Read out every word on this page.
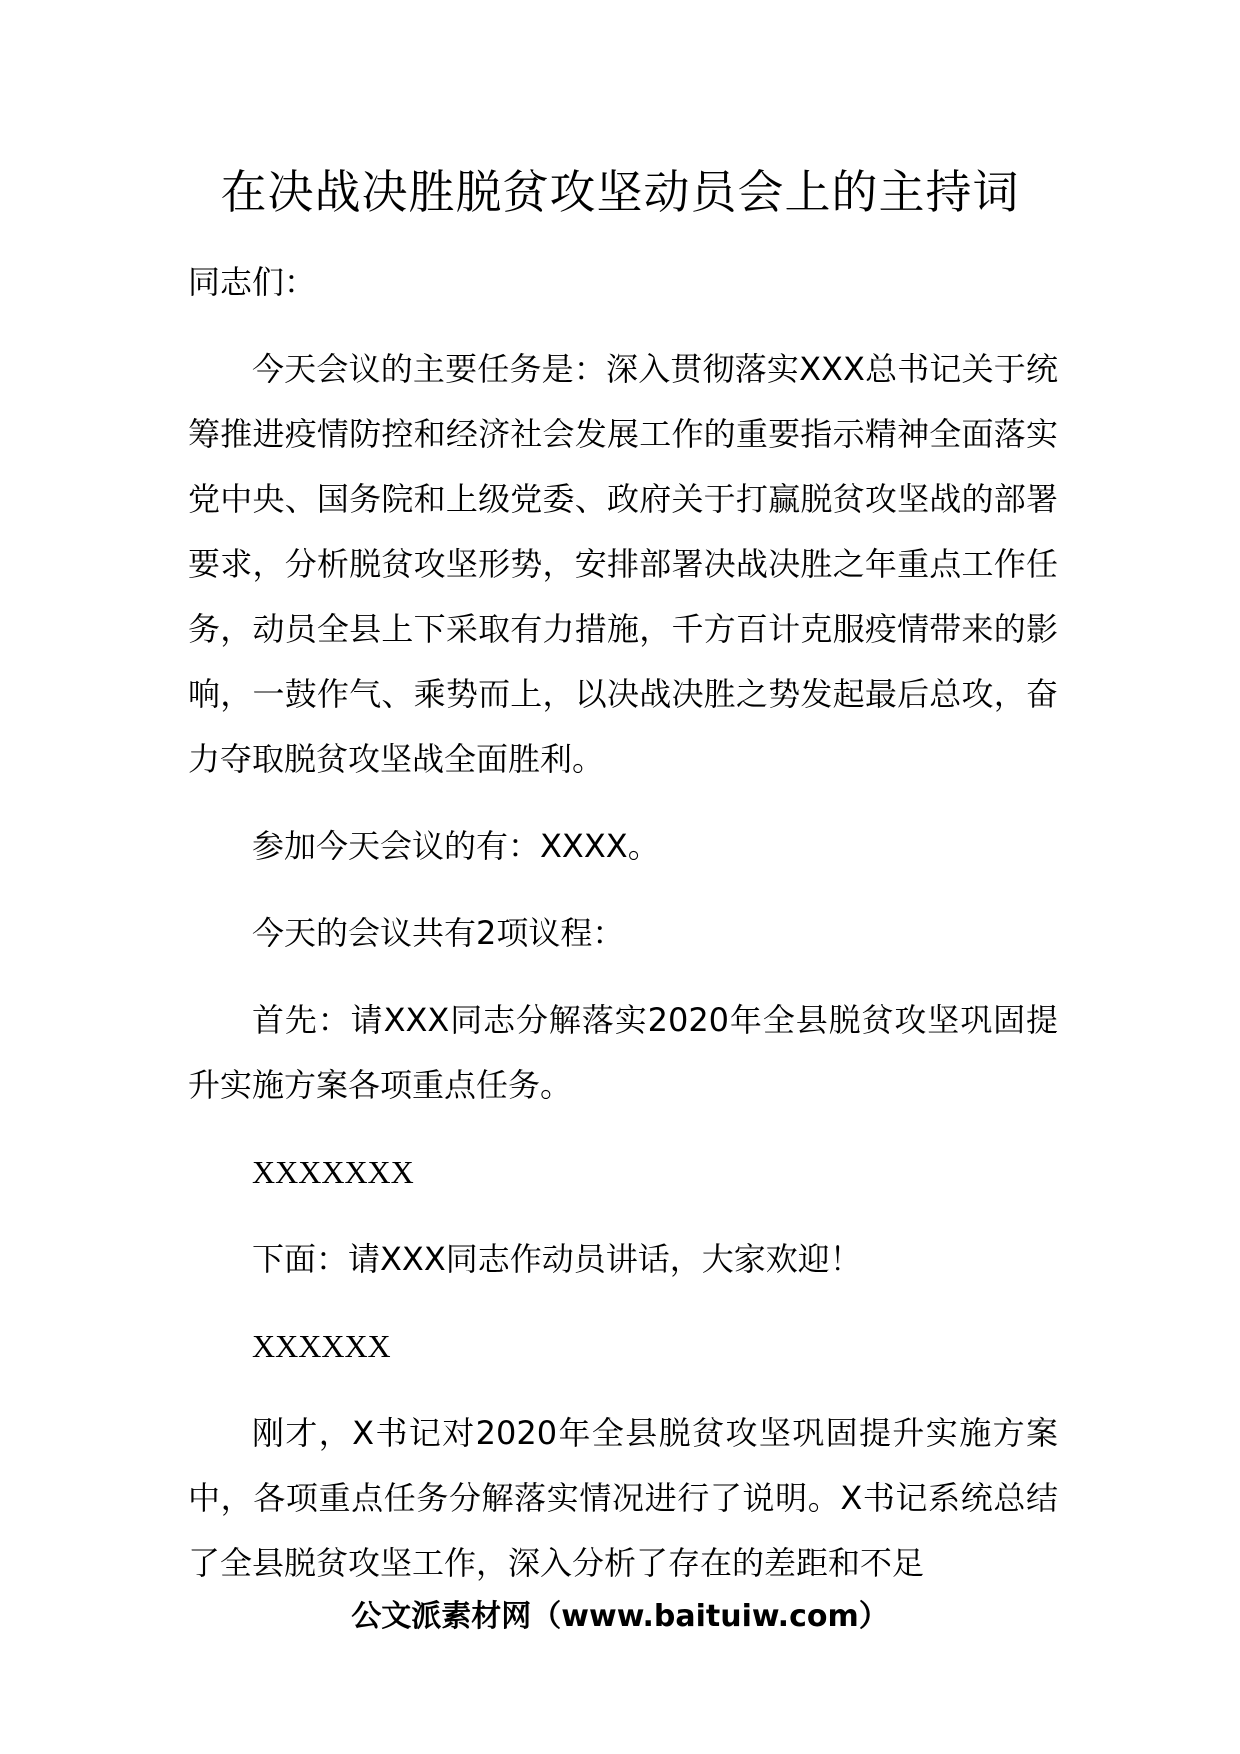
在决战决胜脱贫攻坚动员会上的主持词

同志们：

今天会议的主要任务是：深入贯彻落实XXX总书记关于统筹推进疫情防控和经济社会发展工作的重要指示精神全面落实党中央、国务院和上级党委、政府关于打赢脱贫攻坚战的部署要求，分析脱贫攻坚形势，安排部署决战决胜之年重点工作任务，动员全县上下采取有力措施，千方百计克服疫情带来的影响，一鼓作气、乘势而上，以决战决胜之势发起最后总攻，奋力夺取脱贫攻坚战全面胜利。

参加今天会议的有：XXXX。

今天的会议共有2项议程：

首先：请XXX同志分解落实2020年全县脱贫攻坚巩固提升实施方案各项重点任务。

XXXXXXX

下面：请XXX同志作动员讲话，大家欢迎！

XXXXXX

刚才，X书记对2020年全县脱贫攻坚巩固提升实施方案中，各项重点任务分解落实情况进行了说明。X书记系统总结了全县脱贫攻坚工作，深入分析了存在的差距和不足

公文派素材网（www.baituiw.com）
